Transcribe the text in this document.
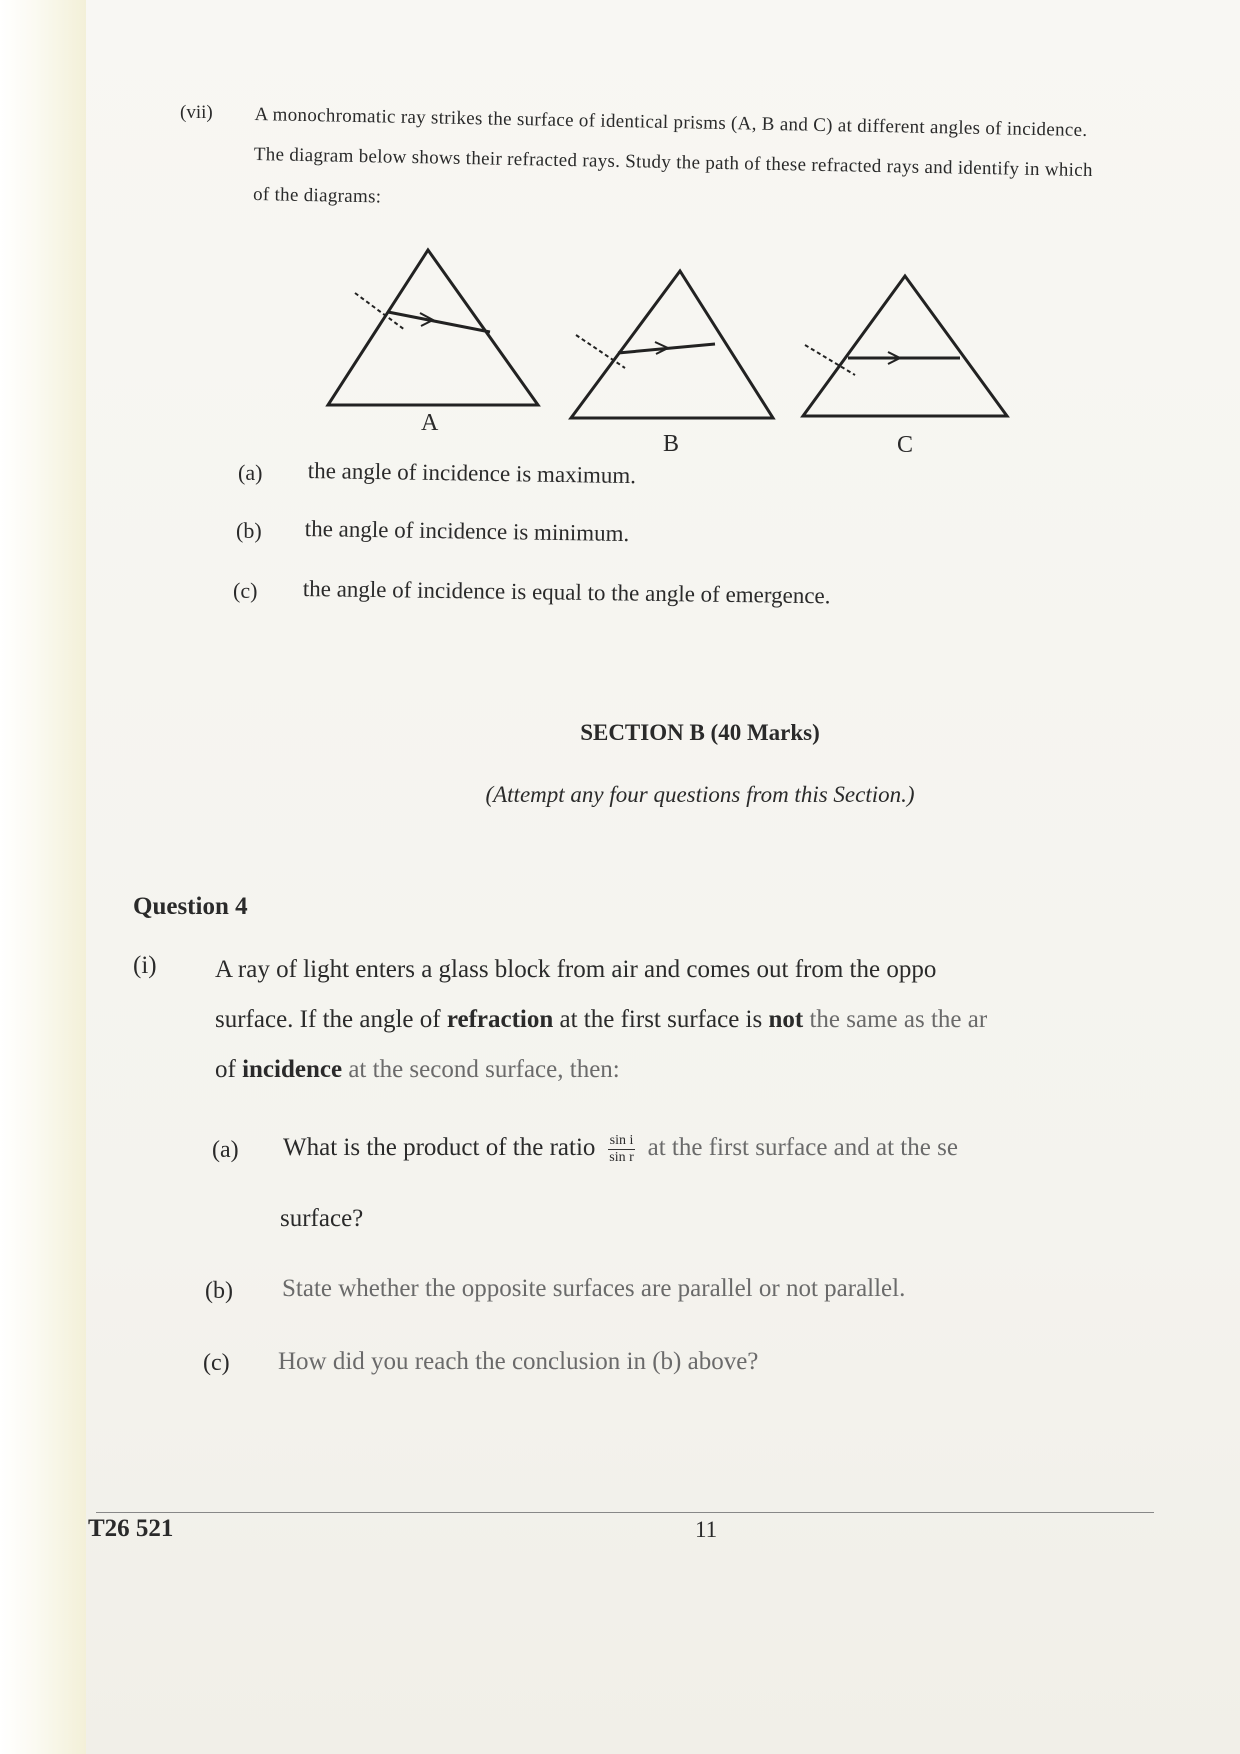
(vii) A monochromatic ray strikes the surface of identical prisms (A, B and C) at different angles of incidence. The diagram below shows their refracted rays. Study the path of these refracted rays and identify in which of the diagrams:
A
B	C
(a) the angle of incidence is maximum.
(b) the angle of incidence is minimum.
(c) the angle of incidence is equal to the angle of emergence.
SECTION B (40 Marks)
(Attempt any four questions from this Section.)
Question 4
(i) A ray of light enters a glass block from air and comes out from the oppo
surface. If the angle of refraction at the first surface is not the same as the ar
of incidence at the second surface, then:
(a) What is the product of the ratio $\frac{\text{sin i}}{\text{sin r}}$ at the first surface and at the se
surface?
(b) State whether the opposite surfaces are parallel or not parallel.
(c) How did you reach the conclusion in (b) above?
T26 521	11
